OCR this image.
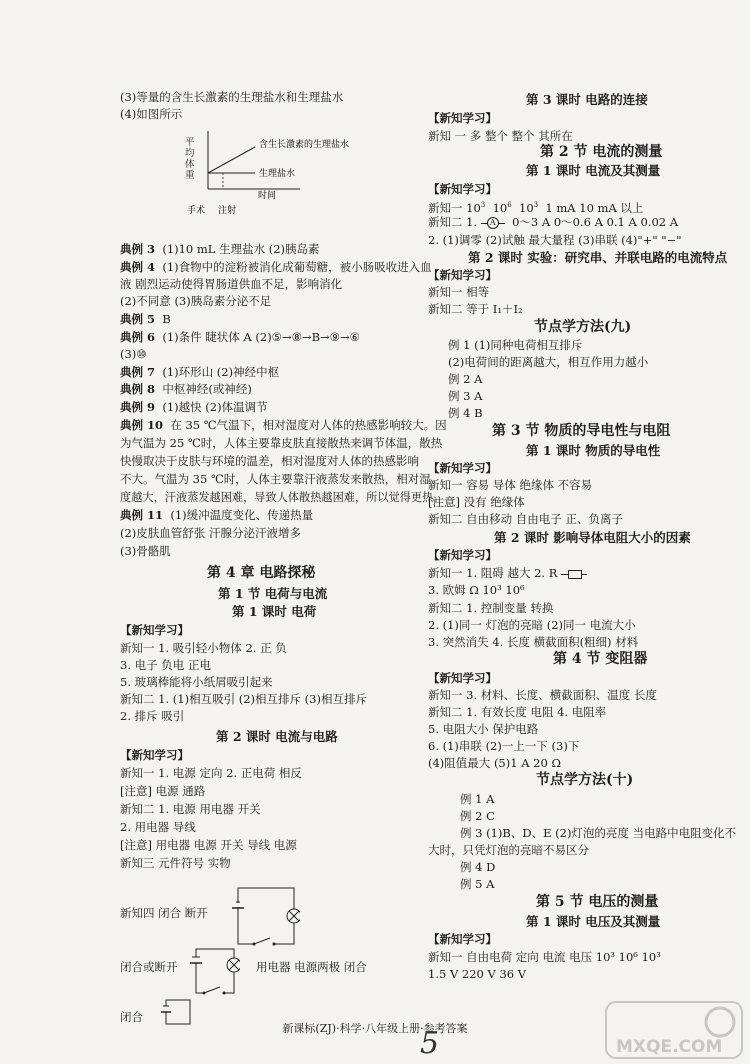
(3)等量的含生长激素的生理盐水和生理盐水
(4)如图所示
平
均
体
重
含生长激素的生理盐水
生理盐水
时间
手术 注射
典例 3 (1)10 mL 生理盐水 (2)胰岛素
典例 4 (1)食物中的淀粉被消化成葡萄糖，被小肠吸收进入血
液 剧烈运动使得胃肠道供血不足，影响消化
(2)不同意 (3)胰岛素分泌不足
典例 5 B
典例 6 (1)条件 睫状体 A (2)⑤→⑧→B→⑨→⑥
(3)⑩
典例 7 (1)环形山 (2)神经中枢
典例 8 中枢神经(或神经)
典例 9 (1)越快 (2)体温调节
典例 10 在 35 ℃气温下，相对湿度对人体的热感影响较大。因
为气温为 25 ℃时，人体主要靠皮肤直接散热来调节体温，散热
快慢取决于皮肤与环境的温差，相对湿度对人体的热感影响
不大。气温为 35 ℃时，人体主要靠汗液蒸发来散热，相对湿
度越大，汗液蒸发越困难，导致人体散热越困难，所以觉得更热。
典例 11 (1)缓冲温度变化、传递热量
(2)皮肤血管舒张 汗腺分泌汗液增多
(3)骨骼肌
第 4 章 电路探秘
第 1 节 电荷与电流
第 1 课时 电荷
【新知学习】
新知一 1. 吸引轻小物体 2. 正 负
3. 电子 负电 正电
5. 玻璃棒能将小纸屑吸引起来
新知二 1. (1)相互吸引 (2)相互排斥 (3)相互排斥
2. 排斥 吸引
第 2 课时 电流与电路
【新知学习】
新知一 1. 电源 定向 2. 正电荷 相反
[注意] 电源 通路
新知二 1. 电源 用电器 开关
2. 用电器 导线
[注意] 用电器 电源 开关 导线 电源
新知三 元件符号 实物
新知四 闭合 断开
闭合或断开	用电器 电源两极 闭合
闭合
第 3 课时 电路的连接
【新知学习】
新知 一 多 整个 整个 其所在
第 2 节 电流的测量
第 1 课时 电流及其测量
【新知学习】
新知一 $10^3$ $10^6$ $10^3$ 1 mA 10 mA 以上
新知二 1.	A 0～3 A 0～0.6 A 0.1 A 0.02 A
2. (1)调零 (2)试触 最大量程 (3)串联 (4)"+" "−"
第 2 课时 实验：研究串、并联电路的电流特点
【新知学习】
新知一 相等
新知二 等于 I₁＋I₂
节点学方法(九)
例 1 (1)同种电荷相互排斥
(2)电荷间的距离越大，相互作用力越小
例 2 A
例 3 A
例 4 B
第 3 节 物质的导电性与电阻
第 1 课时 物质的导电性
【新知学习】
新知一 容易 导体 绝缘体 不容易
[注意] 没有 绝缘体
新知二 自由移动 自由电子 正、负离子
第 2 课时 影响导体电阻大小的因素
【新知学习】
新知一 1. 阻碍 越大 2. R
3. 欧姆 Ω 10³ 10⁶
新知二 1. 控制变量 转换
2. (1)同一 灯泡的亮暗 (2)同一 电流大小
3. 突然消失 4. 长度 横截面积(粗细) 材料
第 4 节 变阻器
【新知学习】
新知一 3. 材料、长度、横截面积、温度 长度
新知二 1. 有效长度 电阻 4. 电阻率
5. 电阻大小 保护电路
6. (1)串联 (2)一上一下 (3)下
(4)阻值最大 (5)1 A 20 Ω
节点学方法(十)
例 1 A
例 2 C
例 3 (1)B、D、E (2)灯泡的亮度 当电路中电阻变化不
大时，只凭灯泡的亮暗不易区分
例 4 D
例 5 A
第 5 节 电压的测量
第 1 课时 电压及其测量
【新知学习】
新知一 自由电荷 定向 电流 电压 10³ 10⁶ 10³
1.5 V 220 V 36 V
新课标(ZJ)·科学·八年级上册·参考答案
5	MXQE.COM
